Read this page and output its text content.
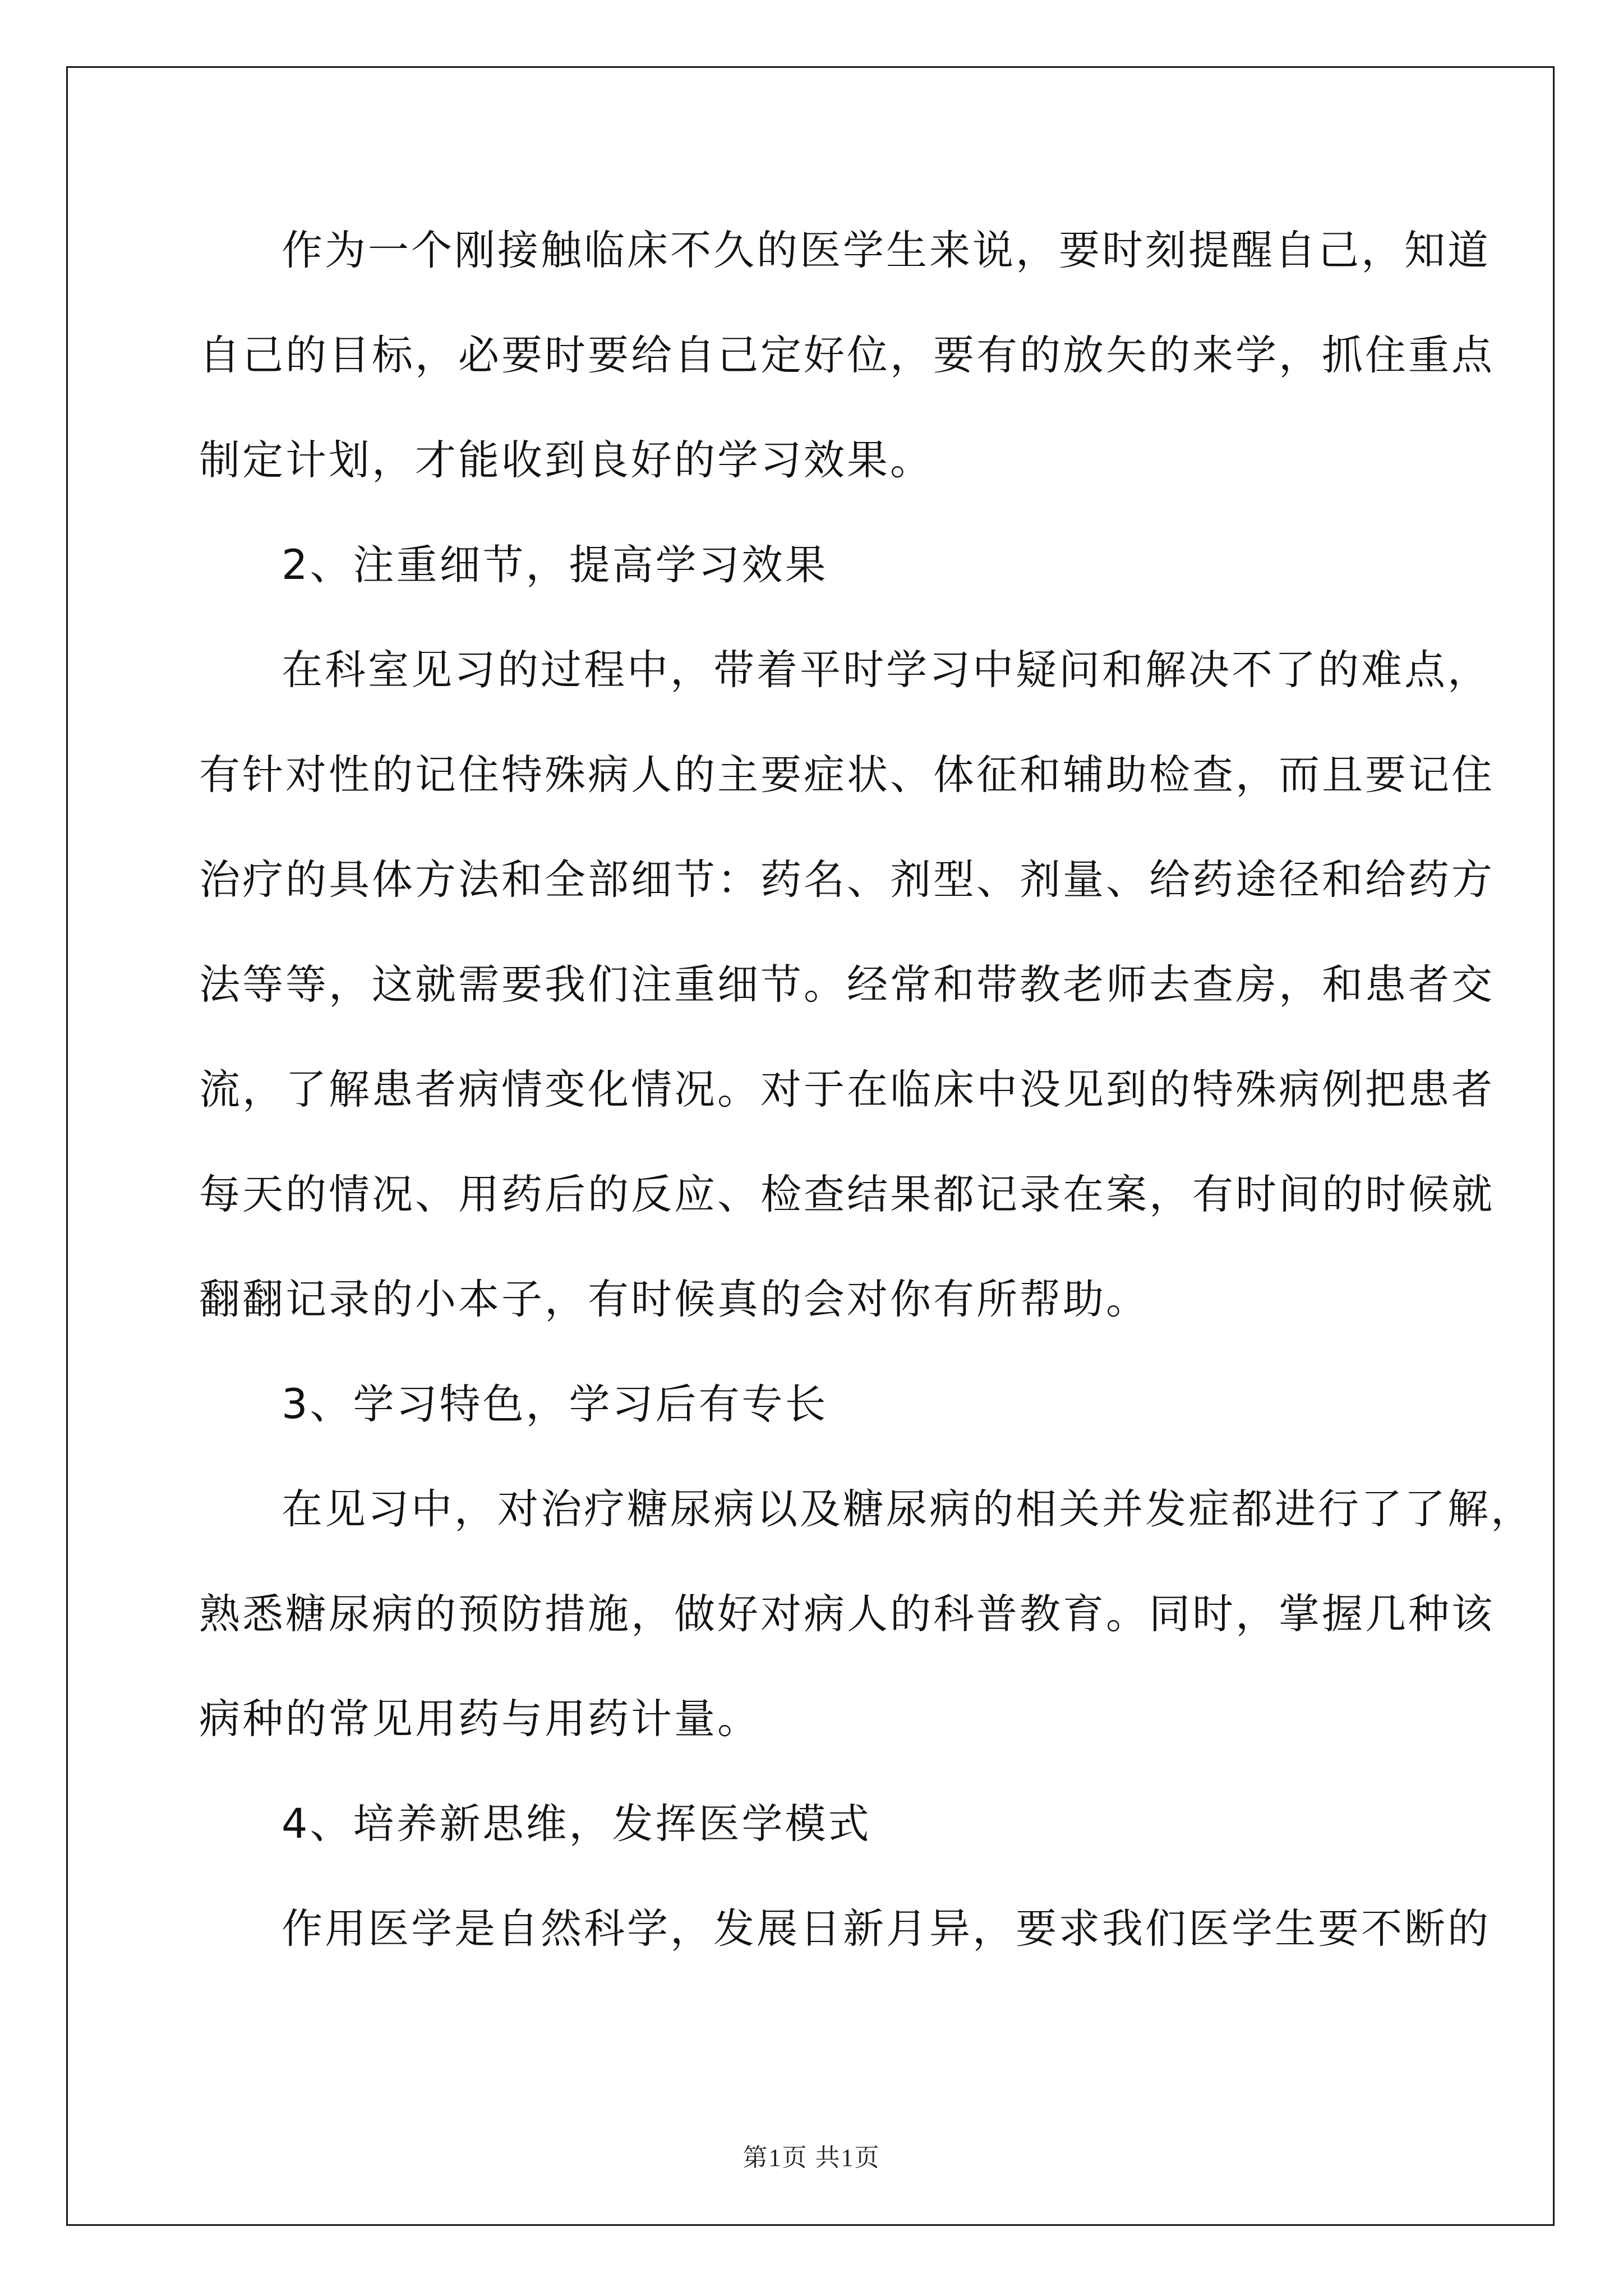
作为一个刚接触临床不久的医学生来说，要时刻提醒自己，知道
自己的目标，必要时要给自己定好位，要有的放矢的来学，抓住重点
制定计划，才能收到良好的学习效果。
2、注重细节，提高学习效果
在科室见习的过程中，带着平时学习中疑问和解决不了的难点，
有针对性的记住特殊病人的主要症状、体征和辅助检查，而且要记住
治疗的具体方法和全部细节：药名、剂型、剂量、给药途径和给药方
法等等，这就需要我们注重细节。经常和带教老师去查房，和患者交
流，了解患者病情变化情况。对于在临床中没见到的特殊病例把患者
每天的情况、用药后的反应、检查结果都记录在案，有时间的时候就
翻翻记录的小本子，有时候真的会对你有所帮助。
3、学习特色，学习后有专长
在见习中，对治疗糖尿病以及糖尿病的相关并发症都进行了了解，
熟悉糖尿病的预防措施，做好对病人的科普教育。同时，掌握几种该
病种的常见用药与用药计量。
4、培养新思维，发挥医学模式
作用医学是自然科学，发展日新月异，要求我们医学生要不断的
第1页 共1页
